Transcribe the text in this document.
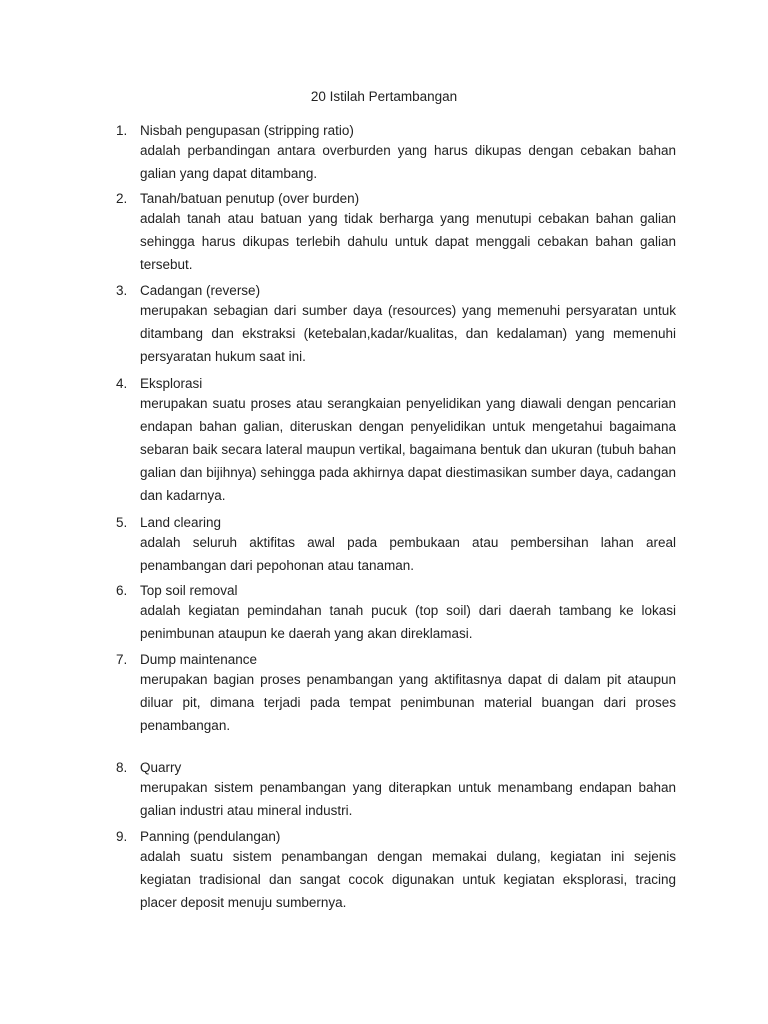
20 Istilah Pertambangan
1. Nisbah pengupasan (stripping ratio)

adalah perbandingan antara overburden yang harus dikupas dengan cebakan bahan galian yang dapat ditambang.

2. Tanah/batuan penutup (over burden)

adalah tanah atau batuan yang tidak berharga yang menutupi cebakan bahan galian sehingga harus dikupas terlebih dahulu untuk dapat menggali cebakan bahan galian tersebut.

3. Cadangan (reverse)

merupakan sebagian dari sumber daya (resources) yang memenuhi persyaratan untuk ditambang dan ekstraksi (ketebalan,kadar/kualitas, dan kedalaman) yang memenuhi persyaratan hukum saat ini.

4. Eksplorasi

merupakan suatu proses atau serangkaian penyelidikan yang diawali dengan pencarian endapan bahan galian, diteruskan dengan penyelidikan untuk mengetahui bagaimana sebaran baik secara lateral maupun vertikal, bagaimana bentuk dan ukuran (tubuh bahan galian dan bijihnya) sehingga pada akhirnya dapat diestimasikan sumber daya, cadangan dan kadarnya.

5. Land clearing

adalah seluruh aktifitas awal pada pembukaan atau pembersihan lahan areal penambangan dari pepohonan atau tanaman.

6. Top soil removal

adalah kegiatan pemindahan tanah pucuk (top soil) dari daerah tambang ke lokasi penimbunan ataupun ke daerah yang akan direklamasi.

7. Dump maintenance

merupakan bagian proses penambangan yang aktifitasnya dapat di dalam pit ataupun diluar pit, dimana terjadi pada tempat penimbunan material buangan dari proses penambangan.

8. Quarry

merupakan sistem penambangan yang diterapkan untuk menambang endapan bahan galian industri atau mineral industri.

9. Panning (pendulangan)

adalah suatu sistem penambangan dengan memakai dulang, kegiatan ini sejenis kegiatan tradisional dan sangat cocok digunakan untuk kegiatan eksplorasi, tracing placer deposit menuju sumbernya.
